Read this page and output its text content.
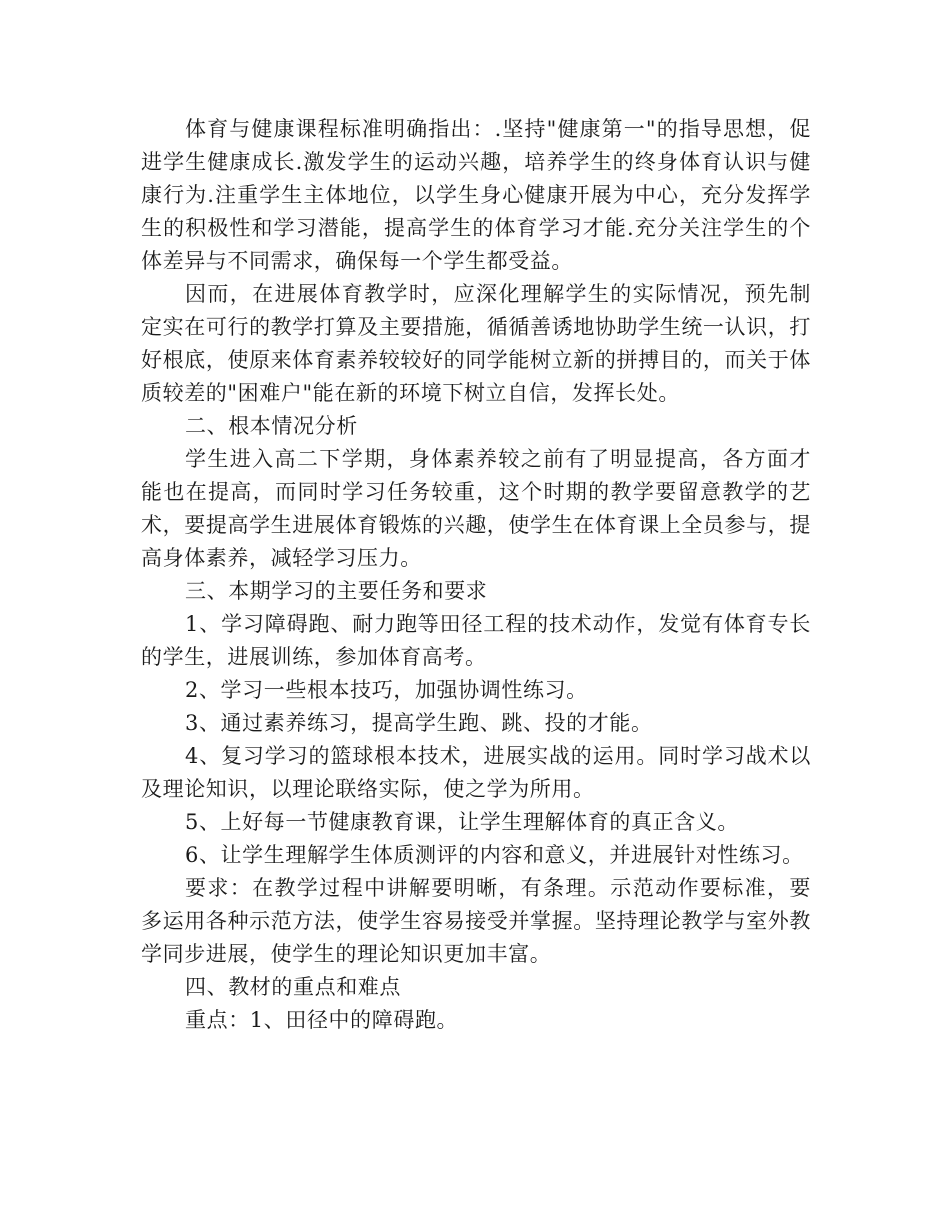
体育与健康课程标准明确指出：.坚持"健康第一"的指导思想，促进学生健康成长.激发学生的运动兴趣，培养学生的终身体育认识与健康行为.注重学生主体地位，以学生身心健康开展为中心，充分发挥学生的积极性和学习潜能，提高学生的体育学习才能.充分关注学生的个体差异与不同需求，确保每一个学生都受益。

因而，在进展体育教学时，应深化理解学生的实际情况，预先制定实在可行的教学打算及主要措施，循循善诱地协助学生统一认识，打好根底，使原来体育素养较较好的同学能树立新的拼搏目的，而关于体质较差的"困难户"能在新的环境下树立自信，发挥长处。

二、根本情况分析

学生进入高二下学期，身体素养较之前有了明显提高，各方面才能也在提高，而同时学习任务较重，这个时期的教学要留意教学的艺术，要提高学生进展体育锻炼的兴趣，使学生在体育课上全员参与，提高身体素养，减轻学习压力。

三、本期学习的主要任务和要求

1、学习障碍跑、耐力跑等田径工程的技术动作，发觉有体育专长的学生，进展训练，参加体育高考。

2、学习一些根本技巧，加强协调性练习。

3、通过素养练习，提高学生跑、跳、投的才能。

4、复习学习的篮球根本技术，进展实战的运用。同时学习战术以及理论知识，以理论联络实际，使之学为所用。

5、上好每一节健康教育课，让学生理解体育的真正含义。

6、让学生理解学生体质测评的内容和意义，并进展针对性练习。

要求：在教学过程中讲解要明晰，有条理。示范动作要标准，要多运用各种示范方法，使学生容易接受并掌握。坚持理论教学与室外教学同步进展，使学生的理论知识更加丰富。

四、教材的重点和难点

重点：1、田径中的障碍跑。
